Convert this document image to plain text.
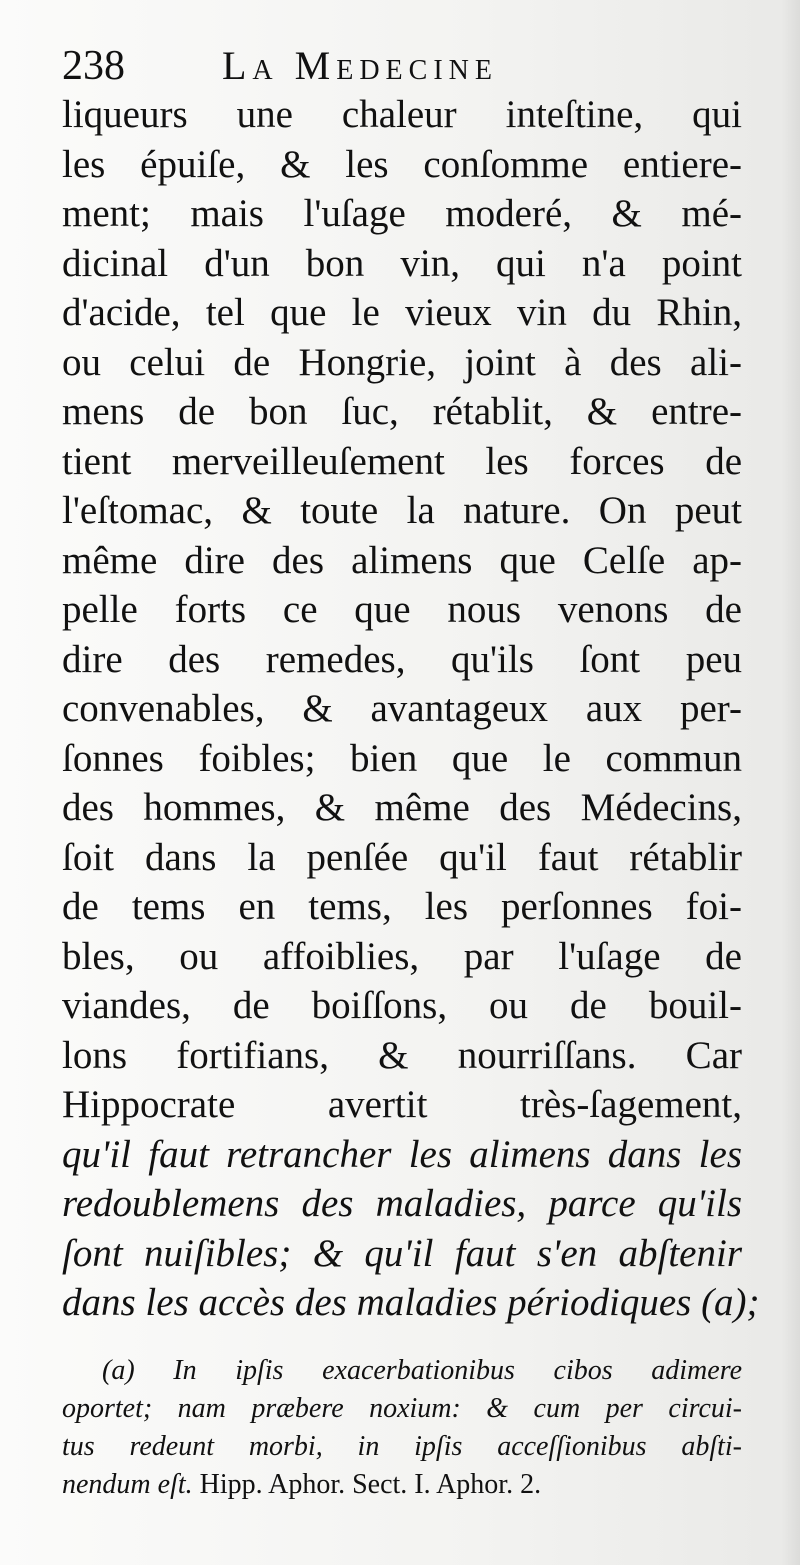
238 La Medecine
liqueurs une chaleur inteſtine, qui
les épuiſe, & les conſomme entiere-
ment; mais l'uſage moderé, & mé-
dicinal d'un bon vin, qui n'a point
d'acide, tel que le vieux vin du Rhin,
ou celui de Hongrie, joint à des ali-
mens de bon ſuc, rétablit, & entre-
tient merveilleuſement les forces de
l'eſtomac, & toute la nature. On peut
même dire des alimens que Celſe ap-
pelle forts ce que nous venons de
dire des remedes, qu'ils ſont peu
convenables, & avantageux aux per-
ſonnes foibles; bien que le commun
des hommes, & même des Médecins,
ſoit dans la penſée qu'il faut rétablir
de tems en tems, les perſonnes foi-
bles, ou affoiblies, par l'uſage de
viandes, de boiſſons, ou de bouil-
lons fortifians, & nourriſſans. Car
Hippocrate avertit très-ſagement,
qu'il faut retrancher les alimens dans les
redoublemens des maladies, parce qu'ils
ſont nuiſibles; & qu'il faut s'en abſtenir
dans les accès des maladies périodiques (a);
(a) In ipſis exacerbationibus cibos adimere
oportet; nam præbere noxium: & cum per circui-
tus redeunt morbi, in ipſis acceſſionibus abſti-
nendum eſt. Hipp. Aphor. Sect. I. Aphor. 2.
